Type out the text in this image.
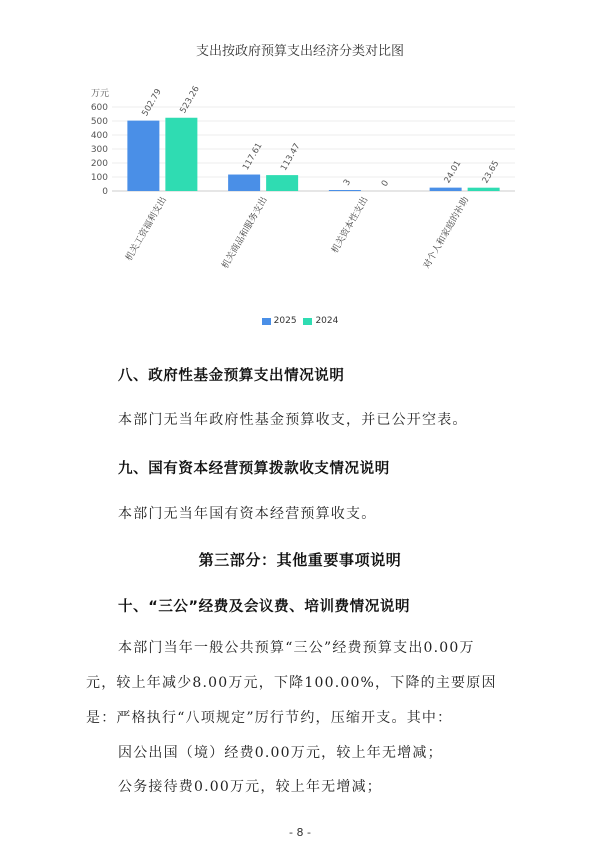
支出按政府预算支出经济分类对比图
万元
0
100
200
300
400
500
600	502.79 523.26
机关工资福利支出
117.61 113.47
机关商品和服务支出
3	0
机关资本性支出
24.01 23.65
对个人和家庭的补助
2025
2024
八、政府性基金预算支出情况说明
本部门无当年政府性基金预算收支，并已公开空表。
九、国有资本经营预算拨款收支情况说明
本部门无当年国有资本经营预算收支。
第三部分：其他重要事项说明
十、“三公”经费及会议费、培训费情况说明
本部门当年一般公共预算“三公”经费预算支出0.00万
元，较上年减少8.00万元，下降100.00%，下降的主要原因
是：严格执行“八项规定”厉行节约，压缩开支。其中：
因公出国（境）经费0.00万元，较上年无增减；
公务接待费0.00万元，较上年无增减；
- 8 -
